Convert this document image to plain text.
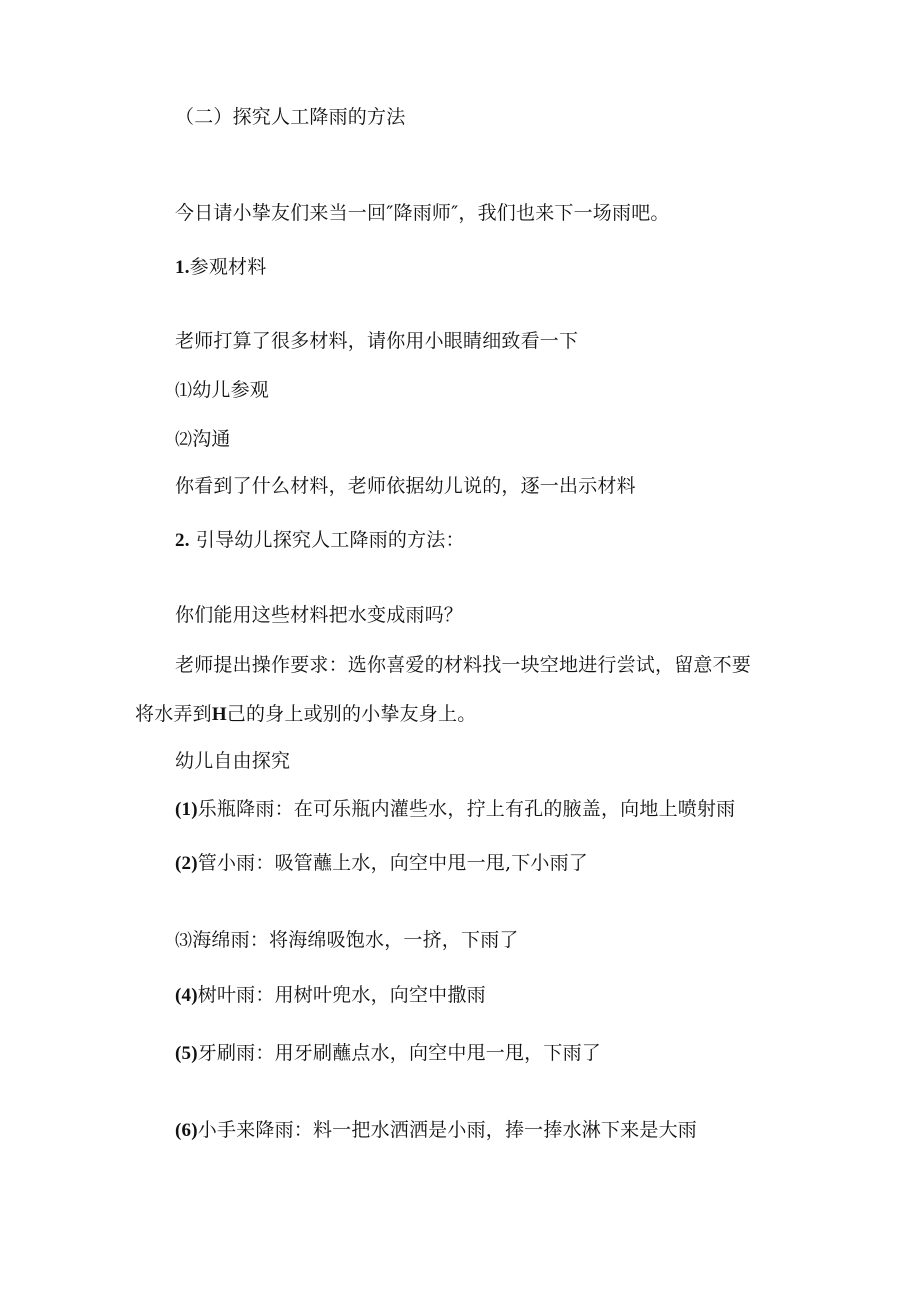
（二）探究人工降雨的方法
今日请小挚友们来当一回″降雨师″，我们也来下一场雨吧。
1.参观材料
老师打算了很多材料，请你用小眼睛细致看一下
⑴幼儿参观
⑵沟通
你看到了什么材料，老师依据幼儿说的，逐一出示材料
2. 引导幼儿探究人工降雨的方法：
你们能用这些材料把水变成雨吗？
老师提出操作要求：选你喜爱的材料找一块空地进行尝试，留意不要
将水弄到H己的身上或别的小挚友身上。
幼儿自由探究
(1)乐瓶降雨：在可乐瓶内灌些水，拧上有孔的腋盖，向地上喷射雨
(2)管小雨：吸管蘸上水，向空中甩一甩,下小雨了
⑶海绵雨：将海绵吸饱水，一挤，下雨了
(4)树叶雨：用树叶兜水，向空中撒雨
(5)牙刷雨：用牙刷蘸点水，向空中甩一甩，下雨了
(6)小手来降雨：料一把水洒洒是小雨，捧一捧水淋下来是大雨
